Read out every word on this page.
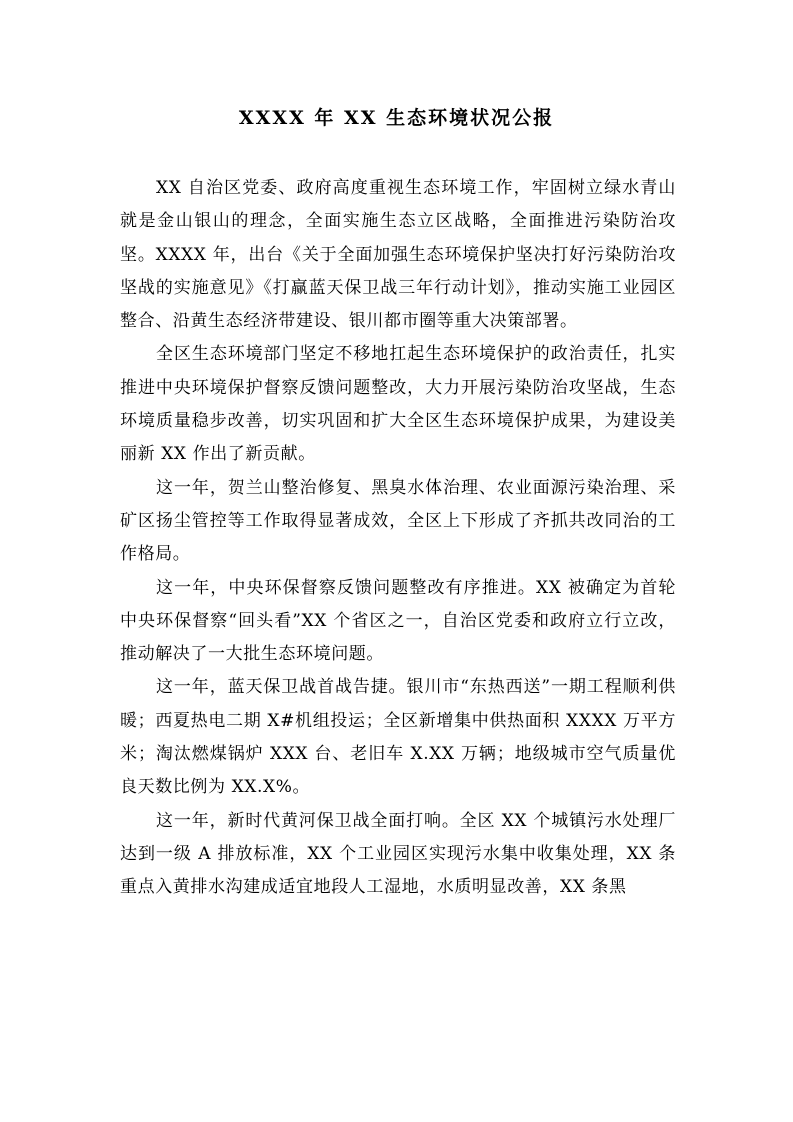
XXXX 年 XX 生态环境状况公报

XX 自治区党委、政府高度重视生态环境工作，牢固树立绿水青山就是金山银山的理念，全面实施生态立区战略，全面推进污染防治攻坚。XXXX 年，出台《关于全面加强生态环境保护坚决打好污染防治攻坚战的实施意见》《打赢蓝天保卫战三年行动计划》，推动实施工业园区整合、沿黄生态经济带建设、银川都市圈等重大决策部署。

全区生态环境部门坚定不移地扛起生态环境保护的政治责任，扎实推进中央环境保护督察反馈问题整改，大力开展污染防治攻坚战，生态环境质量稳步改善，切实巩固和扩大全区生态环境保护成果，为建设美丽新 XX 作出了新贡献。

这一年，贺兰山整治修复、黑臭水体治理、农业面源污染治理、采矿区扬尘管控等工作取得显著成效，全区上下形成了齐抓共改同治的工作格局。

这一年，中央环保督察反馈问题整改有序推进。XX 被确定为首轮中央环保督察“回头看”XX 个省区之一，自治区党委和政府立行立改，推动解决了一大批生态环境问题。

这一年，蓝天保卫战首战告捷。银川市“东热西送”一期工程顺利供暖；西夏热电二期 X#机组投运；全区新增集中供热面积 XXXX 万平方米；淘汰燃煤锅炉 XXX 台、老旧车 X.XX 万辆；地级城市空气质量优良天数比例为 XX.X%。

这一年，新时代黄河保卫战全面打响。全区 XX 个城镇污水处理厂达到一级 A 排放标准，XX 个工业园区实现污水集中收集处理，XX 条重点入黄排水沟建成适宜地段人工湿地，水质明显改善，XX 条黑
